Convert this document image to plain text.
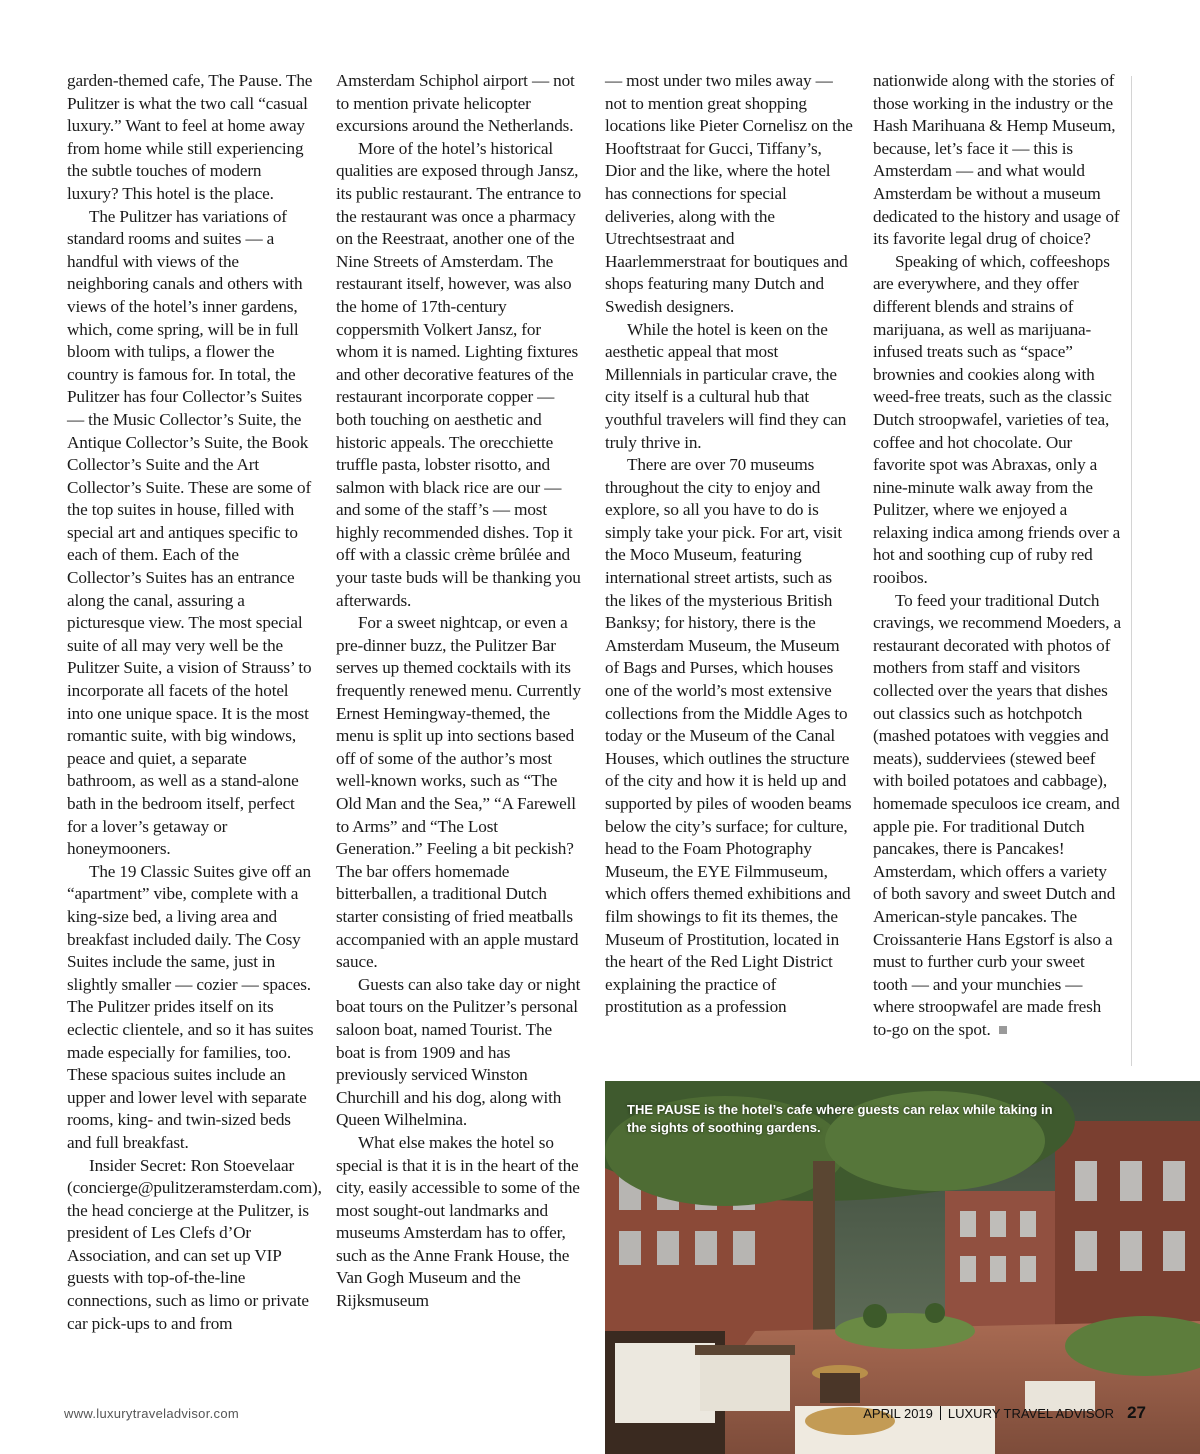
garden-themed cafe, The Pause. The Pulitzer is what the two call “casual luxury.” Want to feel at home away from home while still experiencing the subtle touches of modern luxury? This hotel is the place.

The Pulitzer has variations of standard rooms and suites — a handful with views of the neighboring canals and others with views of the hotel’s inner gardens, which, come spring, will be in full bloom with tulips, a flower the country is famous for. In total, the Pulitzer has four Collector’s Suites — the Music Collector’s Suite, the Antique Collector’s Suite, the Book Collector’s Suite and the Art Collector’s Suite. These are some of the top suites in house, filled with special art and antiques specific to each of them. Each of the Collector’s Suites has an entrance along the canal, assuring a picturesque view. The most special suite of all may very well be the Pulitzer Suite, a vision of Strauss’ to incorporate all facets of the hotel into one unique space. It is the most romantic suite, with big windows, peace and quiet, a separate bathroom, as well as a stand-alone bath in the bedroom itself, perfect for a lover’s getaway or honeymooners.

The 19 Classic Suites give off an “apartment” vibe, complete with a king-size bed, a living area and breakfast included daily. The Cosy Suites include the same, just in slightly smaller — cozier — spaces. The Pulitzer prides itself on its eclectic clientele, and so it has suites made especially for families, too. These spacious suites include an upper and lower level with separate rooms, king- and twin-sized beds and full breakfast.

Insider Secret: Ron Stoevelaar (concierge@pulitzeramsterdam.com), the head concierge at the Pulitzer, is president of Les Clefs d’Or Association, and can set up VIP guests with top-of-the-line connections, such as limo or private car pick-ups to and from

Amsterdam Schiphol airport — not to mention private helicopter excursions around the Netherlands.

More of the hotel’s historical qualities are exposed through Jansz, its public restaurant. The entrance to the restaurant was once a pharmacy on the Reestraat, another one of the Nine Streets of Amsterdam. The restaurant itself, however, was also the home of 17th-century coppersmith Volkert Jansz, for whom it is named. Lighting fixtures and other decorative features of the restaurant incorporate copper — both touching on aesthetic and historic appeals. The orecchiette truffle pasta, lobster risotto, and salmon with black rice are our — and some of the staff’s — most highly recommended dishes. Top it off with a classic crème brûlée and your taste buds will be thanking you afterwards.

For a sweet nightcap, or even a pre-dinner buzz, the Pulitzer Bar serves up themed cocktails with its frequently renewed menu. Currently Ernest Hemingway-themed, the menu is split up into sections based off of some of the author’s most well-known works, such as “The Old Man and the Sea,” “A Farewell to Arms” and “The Lost Generation.” Feeling a bit peckish? The bar offers homemade bitterballen, a traditional Dutch starter consisting of fried meatballs accompanied with an apple mustard sauce.

Guests can also take day or night boat tours on the Pulitzer’s personal saloon boat, named Tourist. The boat is from 1909 and has previously serviced Winston Churchill and his dog, along with Queen Wilhelmina.

What else makes the hotel so special is that it is in the heart of the city, easily accessible to some of the most sought-out landmarks and museums Amsterdam has to offer, such as the Anne Frank House, the Van Gogh Museum and the Rijksmuseum

— most under two miles away — not to mention great shopping locations like Pieter Cornelisz on the Hooftstraat for Gucci, Tiffany’s, Dior and the like, where the hotel has connections for special deliveries, along with the Utrechtsestraat and Haarlemmerstraat for boutiques and shops featuring many Dutch and Swedish designers.

While the hotel is keen on the aesthetic appeal that most Millennials in particular crave, the city itself is a cultural hub that youthful travelers will find they can truly thrive in.

There are over 70 museums throughout the city to enjoy and explore, so all you have to do is simply take your pick. For art, visit the Moco Museum, featuring international street artists, such as the likes of the mysterious British Banksy; for history, there is the Amsterdam Museum, the Museum of Bags and Purses, which houses one of the world’s most extensive collections from the Middle Ages to today or the Museum of the Canal Houses, which outlines the structure of the city and how it is held up and supported by piles of wooden beams below the city’s surface; for culture, head to the Foam Photography Museum, the EYE Filmmuseum, which offers themed exhibitions and film showings to fit its themes, the Museum of Prostitution, located in the heart of the Red Light District explaining the practice of prostitution as a profession

nationwide along with the stories of those working in the industry or the Hash Marihuana & Hemp Museum, because, let’s face it — this is Amsterdam — and what would Amsterdam be without a museum dedicated to the history and usage of its favorite legal drug of choice?

Speaking of which, coffeeshops are everywhere, and they offer different blends and strains of marijuana, as well as marijuana-infused treats such as “space” brownies and cookies along with weed-free treats, such as the classic Dutch stroopwafel, varieties of tea, coffee and hot chocolate. Our favorite spot was Abraxas, only a nine-minute walk away from the Pulitzer, where we enjoyed a relaxing indica among friends over a hot and soothing cup of ruby red rooibos.

To feed your traditional Dutch cravings, we recommend Moeders, a restaurant decorated with photos of mothers from staff and visitors collected over the years that dishes out classics such as hotchpotch (mashed potatoes with veggies and meats), sudderviees (stewed beef with boiled potatoes and cabbage), homemade speculoos ice cream, and apple pie. For traditional Dutch pancakes, there is Pancakes! Amsterdam, which offers a variety of both savory and sweet Dutch and American-style pancakes. The Croissanterie Hans Egstorf is also a must to further curb your sweet tooth — and your munchies — where stroopwafel are made fresh to-go on the spot.

THE PAUSE is the hotel’s cafe where guests can relax while taking in the sights of soothing gardens.
www.luxurytraveladvisor.com	APRIL 2019 LUXURY TRAVEL ADVISOR 27
